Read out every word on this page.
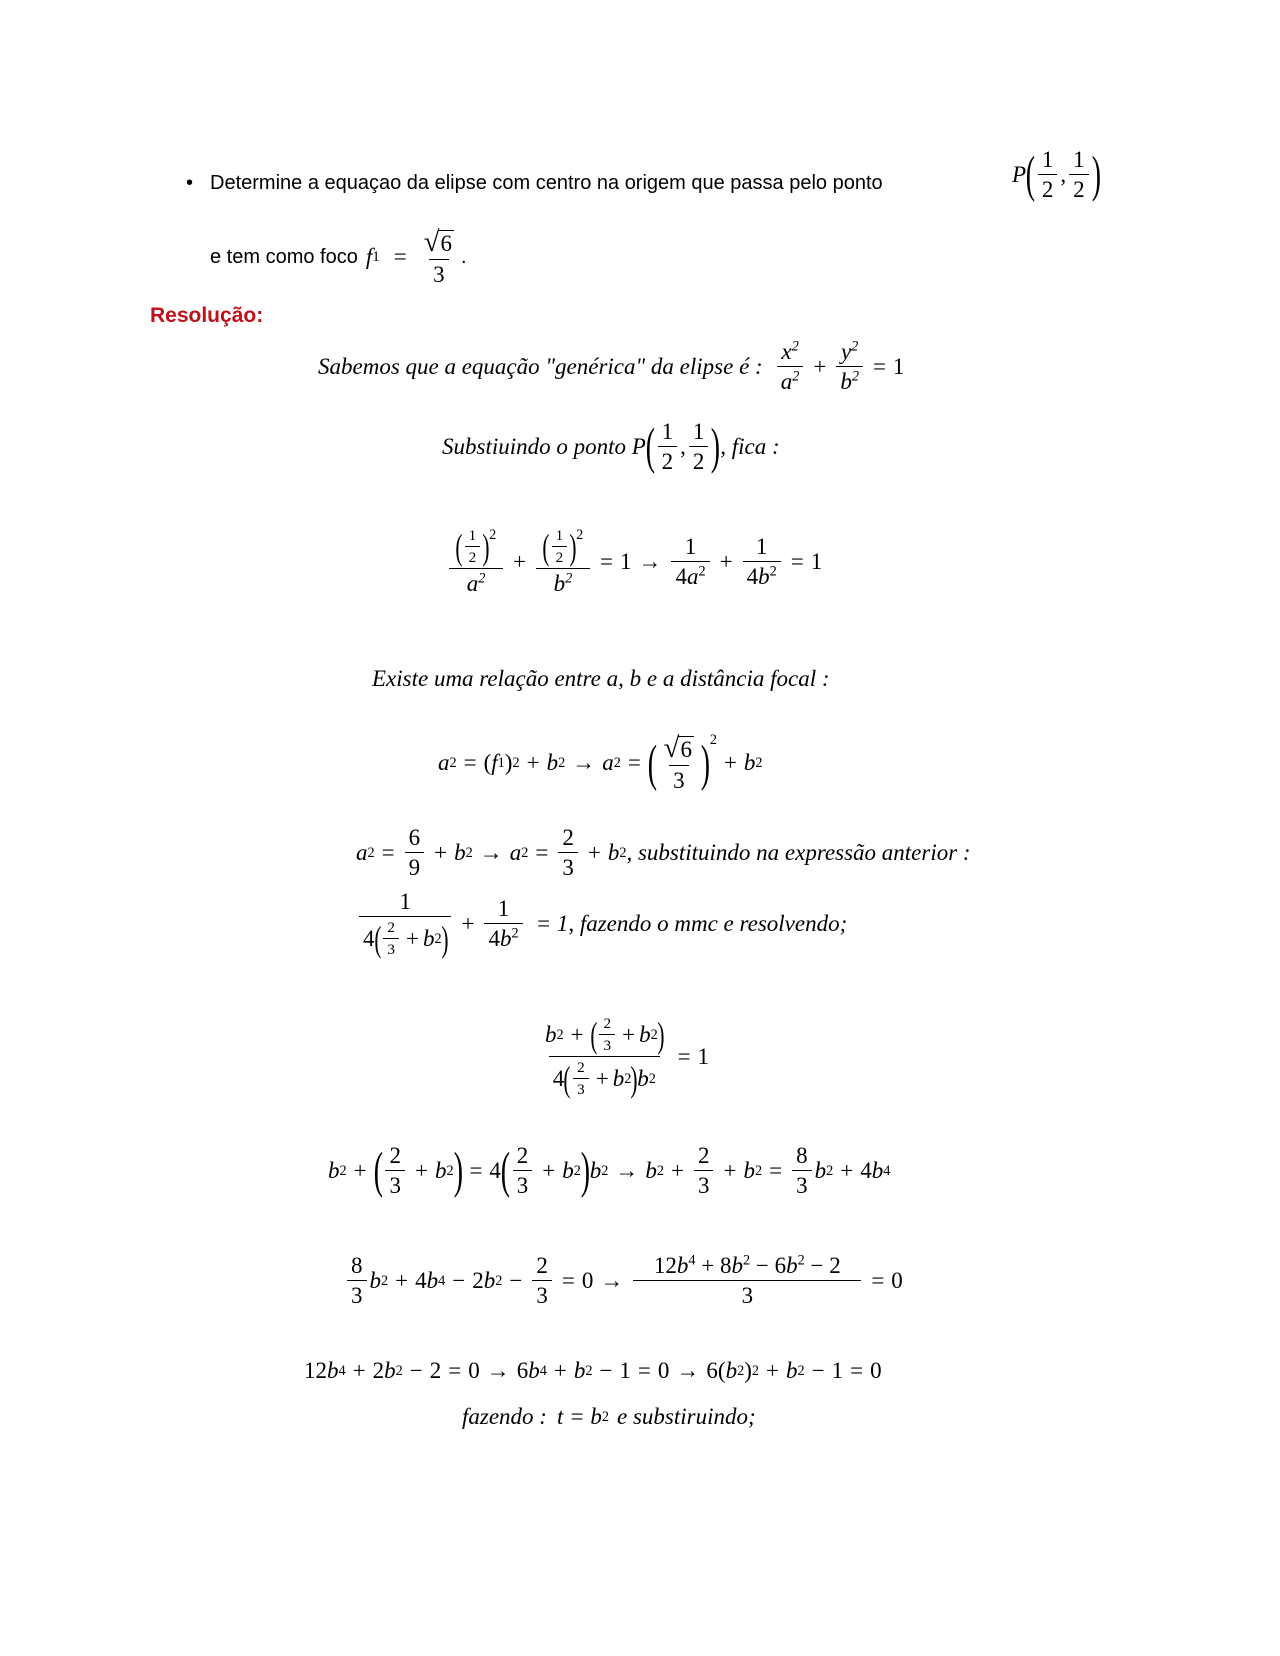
• Determine a equaçao da elipse com centro na origem que passa pelo ponto	P ( $\frac{1}{2}$ , $\frac{1}{2}$ )
e tem como foco f $1 = \frac{√ 6}{3}$ .
Resolução:
Sabemos que a equação "genérica" da elipse é : $\frac{x^2}{a^2} + \frac{y^2}{b^2} = 1$
Substiuindo o ponto P ( $\frac{1}{2}$ , $\frac{1}{2}$ ) , fica :
$\frac{( \frac{1}{2} ) 2}{a^2} + \frac{( \frac{1}{2} ) 2}{b^2} = 1 \to \frac{1}{4a^2} + \frac{1}{4b^2} = 1$
Existe uma relação entre a, b e a distância focal :
a 2 = ( f 1 ) 2 + b 2 → a 2 = ( $\frac{√ 6}{3}$ ) 2
+ b 2
a $2 = \frac{6}{9} + b$ 2 → a $2 = \frac{2}{3} + b$ 2 , substituindo na expressão anterior :
$\frac{1}{4 ( \frac{2}{3} + b 2 )} + \frac{1}{4b^2} = 1$, fazendo o mmc e resolvendo;
$\frac{b 2 + ( \frac{2}{3} + b 2 )}{4 ( \frac{2}{3} + b 2 ) b 2} = 1$
b 2 + ( $\frac{2}{3} + b$ 2 ) = 4 ( $\frac{2}{3} + b$ 2 ) b 2 → b $2 + \frac{2}{3} + b$ $2 = \frac{8}{3}$ b 2 + 4 b 4
$\frac{8}{3}$ b 2 + 4 b 4 − 2 b $2 - \frac{2}{3} = 0 \to \frac{12b^4 + 8b^2 - 6b^2 - 2}{3} = 0$
12 b 4 + 2 b 2 − 2 = 0 → 6 b 4 + b 2 − 1 = 0 → 6( b 2 ) 2 + b 2 − 1 = 0
fazendo : t = b 2 e substiruindo;
